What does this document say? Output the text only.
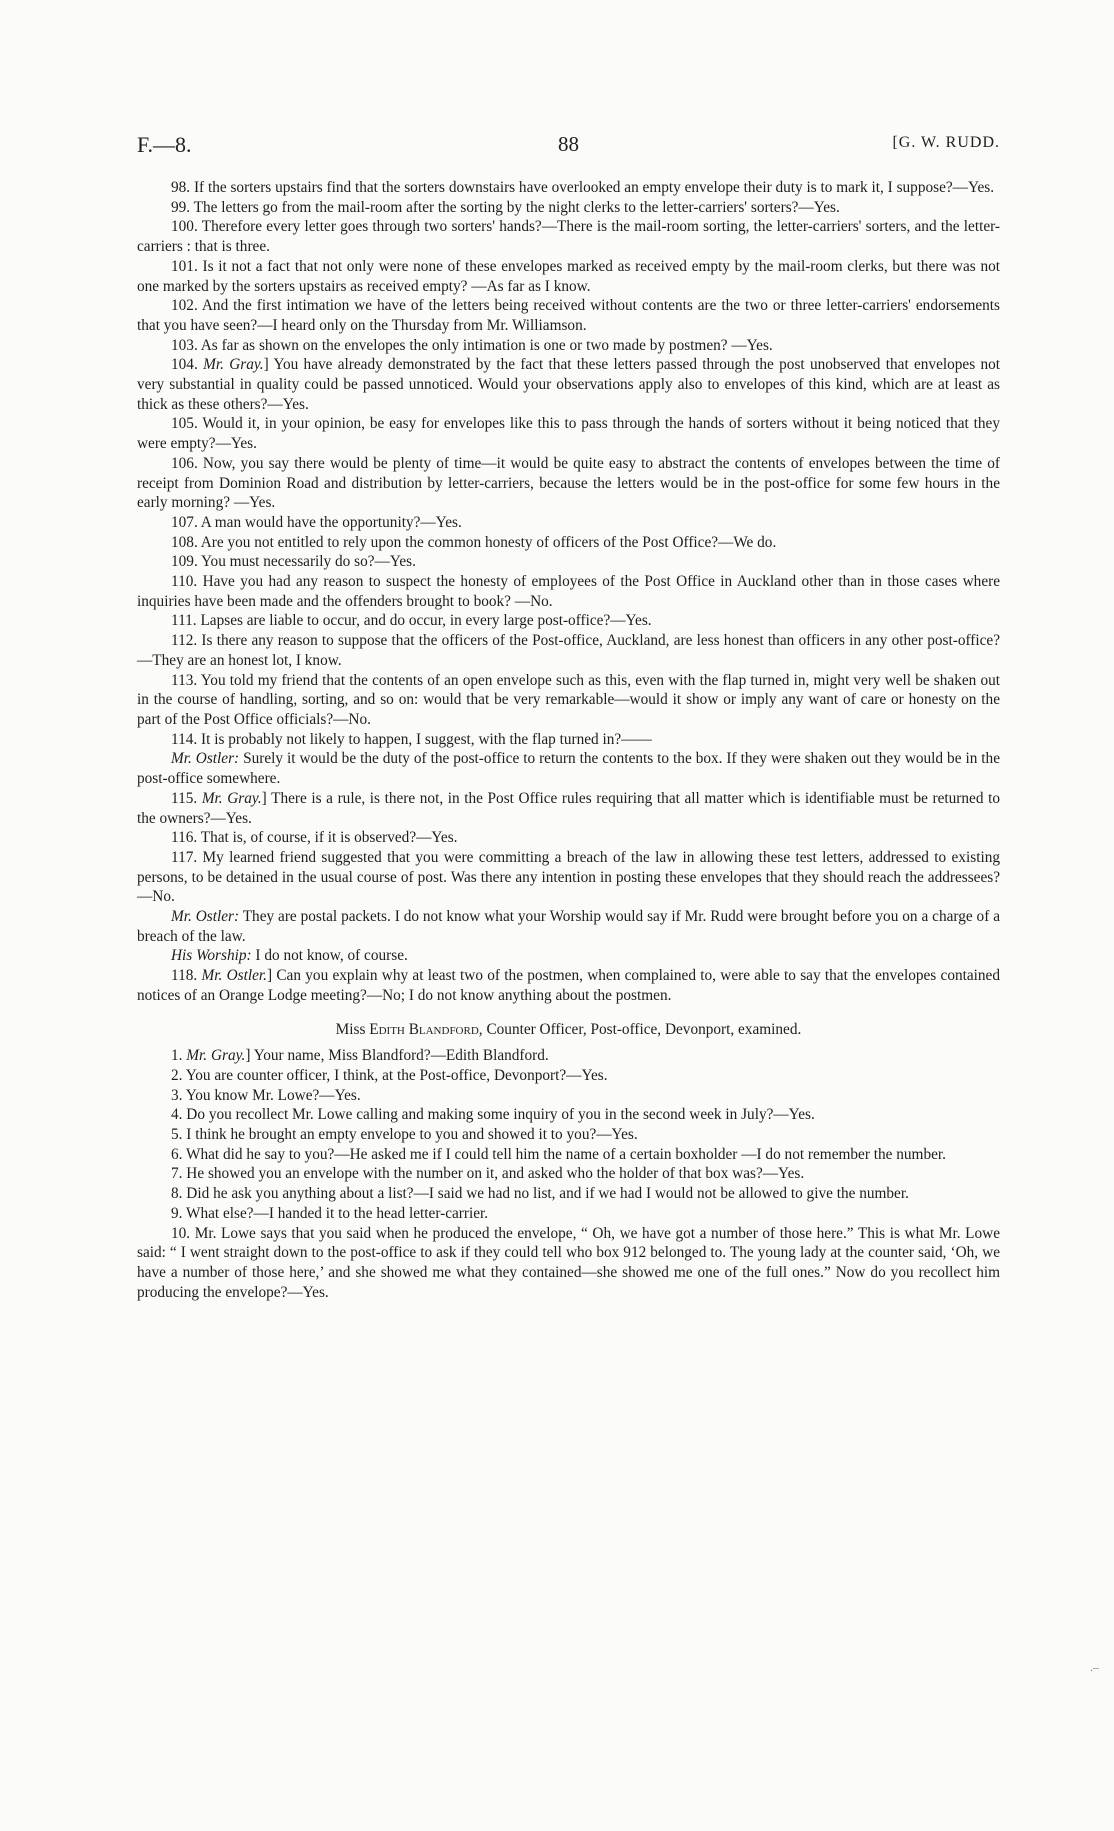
F.—8.	88	[G. W. RUDD.

98. If the sorters upstairs find that the sorters downstairs have overlooked an empty envelope their duty is to mark it, I suppose?—Yes.

99. The letters go from the mail-room after the sorting by the night clerks to the letter-carriers' sorters?—Yes.

100. Therefore every letter goes through two sorters' hands?—There is the mail-room sorting, the letter-carriers' sorters, and the letter-carriers : that is three.

101. Is it not a fact that not only were none of these envelopes marked as received empty by the mail-room clerks, but there was not one marked by the sorters upstairs as received empty? —As far as I know.

102. And the first intimation we have of the letters being received without contents are the two or three letter-carriers' endorsements that you have seen?—I heard only on the Thursday from Mr. Williamson.

103. As far as shown on the envelopes the only intimation is one or two made by postmen? —Yes.

104. Mr. Gray.] You have already demonstrated by the fact that these letters passed through the post unobserved that envelopes not very substantial in quality could be passed unnoticed. Would your observations apply also to envelopes of this kind, which are at least as thick as these others?—Yes.

105. Would it, in your opinion, be easy for envelopes like this to pass through the hands of sorters without it being noticed that they were empty?—Yes.

106. Now, you say there would be plenty of time—it would be quite easy to abstract the contents of envelopes between the time of receipt from Dominion Road and distribution by letter-carriers, because the letters would be in the post-office for some few hours in the early morning? —Yes.

107. A man would have the opportunity?—Yes.

108. Are you not entitled to rely upon the common honesty of officers of the Post Office?—We do.

109. You must necessarily do so?—Yes.

110. Have you had any reason to suspect the honesty of employees of the Post Office in Auckland other than in those cases where inquiries have been made and the offenders brought to book? —No.

111. Lapses are liable to occur, and do occur, in every large post-office?—Yes.

112. Is there any reason to suppose that the officers of the Post-office, Auckland, are less honest than officers in any other post-office?—They are an honest lot, I know.

113. You told my friend that the contents of an open envelope such as this, even with the flap turned in, might very well be shaken out in the course of handling, sorting, and so on: would that be very remarkable—would it show or imply any want of care or honesty on the part of the Post Office officials?—No.

114. It is probably not likely to happen, I suggest, with the flap turned in?——

Mr. Ostler: Surely it would be the duty of the post-office to return the contents to the box. If they were shaken out they would be in the post-office somewhere.

115. Mr. Gray.] There is a rule, is there not, in the Post Office rules requiring that all matter which is identifiable must be returned to the owners?—Yes.

116. That is, of course, if it is observed?—Yes.

117. My learned friend suggested that you were committing a breach of the law in allowing these test letters, addressed to existing persons, to be detained in the usual course of post. Was there any intention in posting these envelopes that they should reach the addressees?—No.

Mr. Ostler: They are postal packets. I do not know what your Worship would say if Mr. Rudd were brought before you on a charge of a breach of the law.

His Worship: I do not know, of course.

118. Mr. Ostler.] Can you explain why at least two of the postmen, when complained to, were able to say that the envelopes contained notices of an Orange Lodge meeting?—No; I do not know anything about the postmen.

Miss Edith Blandford, Counter Officer, Post-office, Devonport, examined.

1. Mr. Gray.] Your name, Miss Blandford?—Edith Blandford.

2. You are counter officer, I think, at the Post-office, Devonport?—Yes.

3. You know Mr. Lowe?—Yes.

4. Do you recollect Mr. Lowe calling and making some inquiry of you in the second week in July?—Yes.

5. I think he brought an empty envelope to you and showed it to you?—Yes.

6. What did he say to you?—He asked me if I could tell him the name of a certain boxholder —I do not remember the number.

7. He showed you an envelope with the number on it, and asked who the holder of that box was?—Yes.

8. Did he ask you anything about a list?—I said we had no list, and if we had I would not be allowed to give the number.

9. What else?—I handed it to the head letter-carrier.

10. Mr. Lowe says that you said when he produced the envelope, “ Oh, we have got a number of those here.” This is what Mr. Lowe said: “ I went straight down to the post-office to ask if they could tell who box 912 belonged to. The young lady at the counter said, ‘Oh, we have a number of those here,’ and she showed me what they contained—she showed me one of the full ones.” Now do you recollect him producing the envelope?—Yes.

.–
